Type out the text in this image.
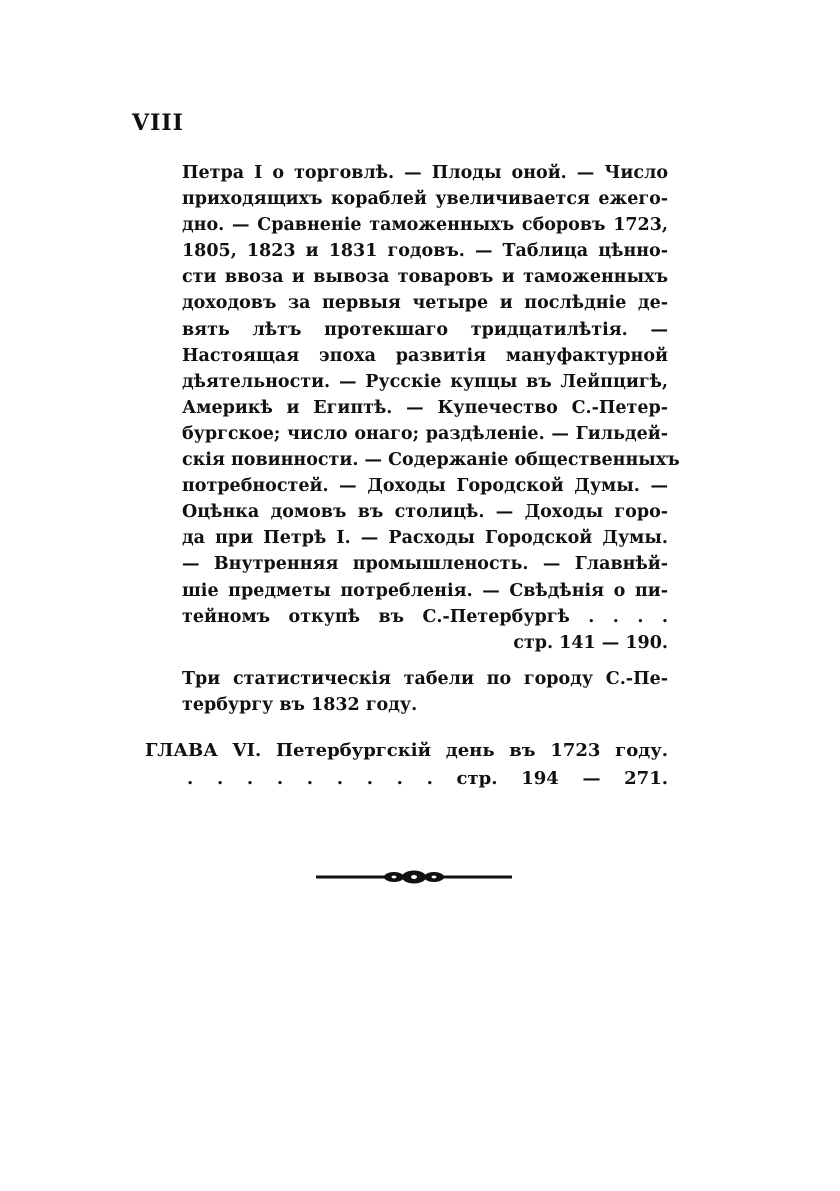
VIII
Петра I о торговлѣ. — Плоды оной. — Число
приходящихъ кораблей увеличивается ежего-
дно. — Сравненіе таможенныхъ сборовъ 1723,
1805, 1823 и 1831 годовъ. — Таблица цѣнно-
сти ввоза и вывоза товаровъ и таможенныхъ
доходовъ за первыя четыре и послѣдніе де-
вять лѣтъ протекшаго тридцатилѣтія. —
Настоящая эпоха развитія мануфактурной
дѣятельности. — Русскіе купцы въ Лейпцигѣ,
Америкѣ и Египтѣ. — Купечество С.-Петер-
бургское; число онаго; раздѣленіе. — Гильдей-
скія повинности. — Содержаніе общественныхъ
потребностей. — Доходы Городской Думы. —
Оцѣнка домовъ въ столицѣ. — Доходы горо-
да при Петрѣ I. — Расходы Городской Думы.
— Внутренняя промышленость. — Главнѣй-
шіе предметы потребленія. — Свѣдѣнія о пи-
тейномъ откупѣ въ С.-Петербургѣ . . . .
стр. 141 — 190.
Три статистическія табели по городу С.-Пе-
тербургу въ 1832 году.
ГЛАВА VI. Петербургскій день въ 1723 году.
. . . . . . . . . стр. 194 — 271.
